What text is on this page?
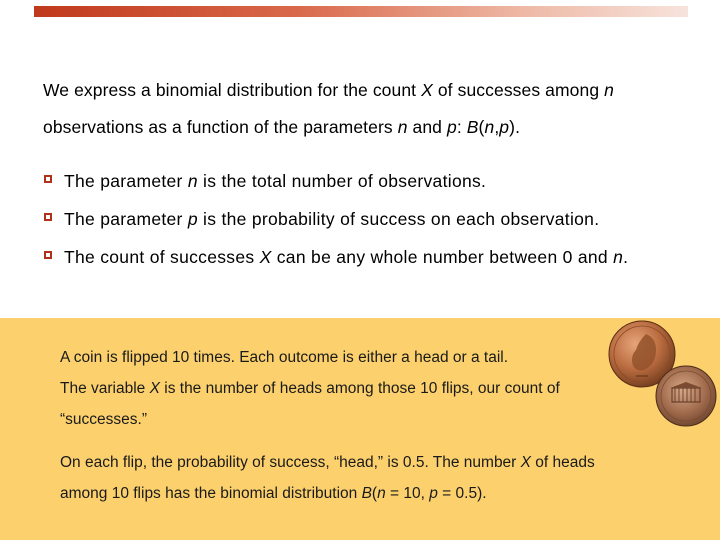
We express a binomial distribution for the count X of successes among n observations as a function of the parameters n and p: B(n,p).
The parameter n is the total number of observations.
The parameter p is the probability of success on each observation.
The count of successes X can be any whole number between 0 and n.

A coin is flipped 10 times. Each outcome is either a head or a tail.

The variable X is the number of heads among those 10 flips, our count of “successes.”

On each flip, the probability of success, “head,” is 0.5. The number X of heads among 10 flips has the binomial distribution B(n = 10, p = 0.5).
